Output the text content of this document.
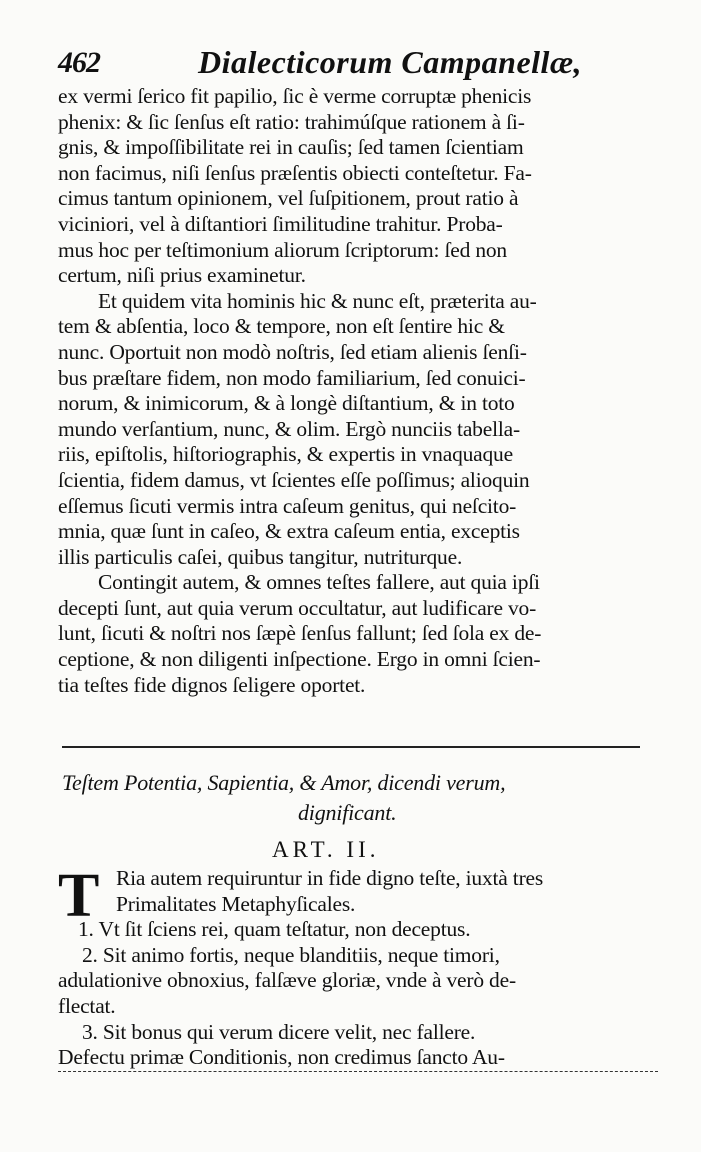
462	Dialecticorum Campanellæ,
ex vermi ſerico fit papilio, ſic è verme corruptæ phenicis
phenix: & ſic ſenſus eſt ratio: trahimúſque rationem à ſi-
gnis, & impoſſibilitate rei in cauſis; ſed tamen ſcientiam
non facimus, niſi ſenſus præſentis obiecti conteſtetur. Fa-
cimus tantum opinionem, vel ſuſpitionem, prout ratio à
viciniori, vel à diſtantiori ſimilitudine trahitur. Proba-
mus hoc per teſtimonium aliorum ſcriptorum: ſed non
certum, niſi prius examinetur.
Et quidem vita hominis hic & nunc eſt, præterita au-
tem & abſentia, loco & tempore, non eſt ſentire hic &
nunc. Oportuit non modò noſtris, ſed etiam alienis ſenſi-
bus præſtare fidem, non modo familiarium, ſed conuici-
norum, & inimicorum, & à longè diſtantium, & in toto
mundo verſantium, nunc, & olim. Ergò nunciis tabella-
riis, epiſtolis, hiſtoriographis, & expertis in vnaquaque
ſcientia, fidem damus, vt ſcientes eſſe poſſimus; alioquin
eſſemus ſicuti vermis intra caſeum genitus, qui neſcito-
mnia, quæ ſunt in caſeo, & extra caſeum entia, exceptis
illis particulis caſei, quibus tangitur, nutriturque.
Contingit autem, & omnes teſtes fallere, aut quia ipſi
decepti ſunt, aut quia verum occultatur, aut ludificare vo-
lunt, ſicuti & noſtri nos ſæpè ſenſus fallunt; ſed ſola ex de-
ceptione, & non diligenti inſpectione. Ergo in omni ſcien-
tia teſtes fide dignos ſeligere oportet.
Teſtem Potentia, Sapientia, & Amor, dicendi verum,
dignificant.
ART. II.
T Ria autem requiruntur in fide digno teſte, iuxtà tres
Primalitates Metaphyſicales.
1. Vt ſit ſciens rei, quam teſtatur, non deceptus.
2. Sit animo fortis, neque blanditiis, neque timori,
adulationive obnoxius, falſæve gloriæ, vnde à verò de-
flectat.
3. Sit bonus qui verum dicere velit, nec fallere.
Defectu primæ Conditionis, non credimus ſancto Au-
